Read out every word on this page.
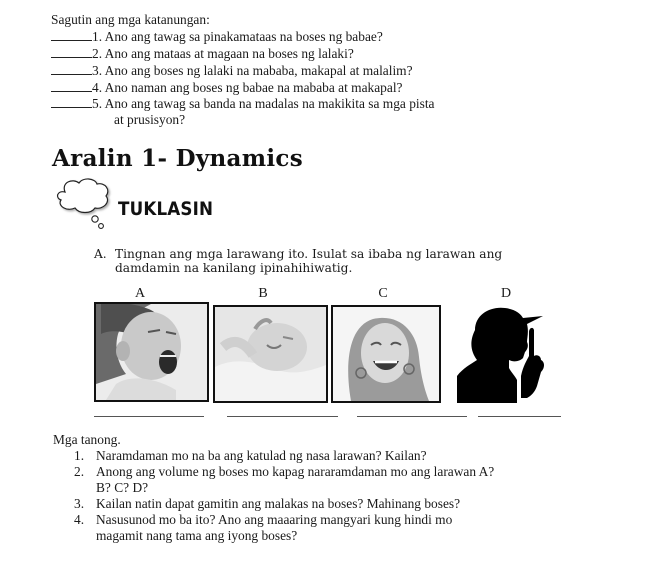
Sagutin ang mga katanungan:
1. Ano ang tawag sa pinakamataas na boses ng babae?
2. Ano ang mataas at magaan na boses ng lalaki?
3. Ano ang boses ng lalaki na mababa, makapal at malalim?
4. Ano naman ang boses ng babae na mababa at makapal?
5. Ano ang tawag sa banda na madalas na makikita sa mga pista
at prusisyon?
Aralin 1- Dynamics
TUKLASIN
A. Tingnan ang mga larawang ito. Isulat sa ibaba ng larawan ang
damdamin na kanilang ipinahihiwatig.
A	B	C	D
Mga tanong.
1. Naramdaman mo na ba ang katulad ng nasa larawan? Kailan?
2. Anong ang volume ng boses mo kapag nararamdaman mo ang larawan A?
B? C? D?
3. Kailan natin dapat gamitin ang malakas na boses? Mahinang boses?
4. Nasusunod mo ba ito? Ano ang maaaring mangyari kung hindi mo
magamit nang tama ang iyong boses?
